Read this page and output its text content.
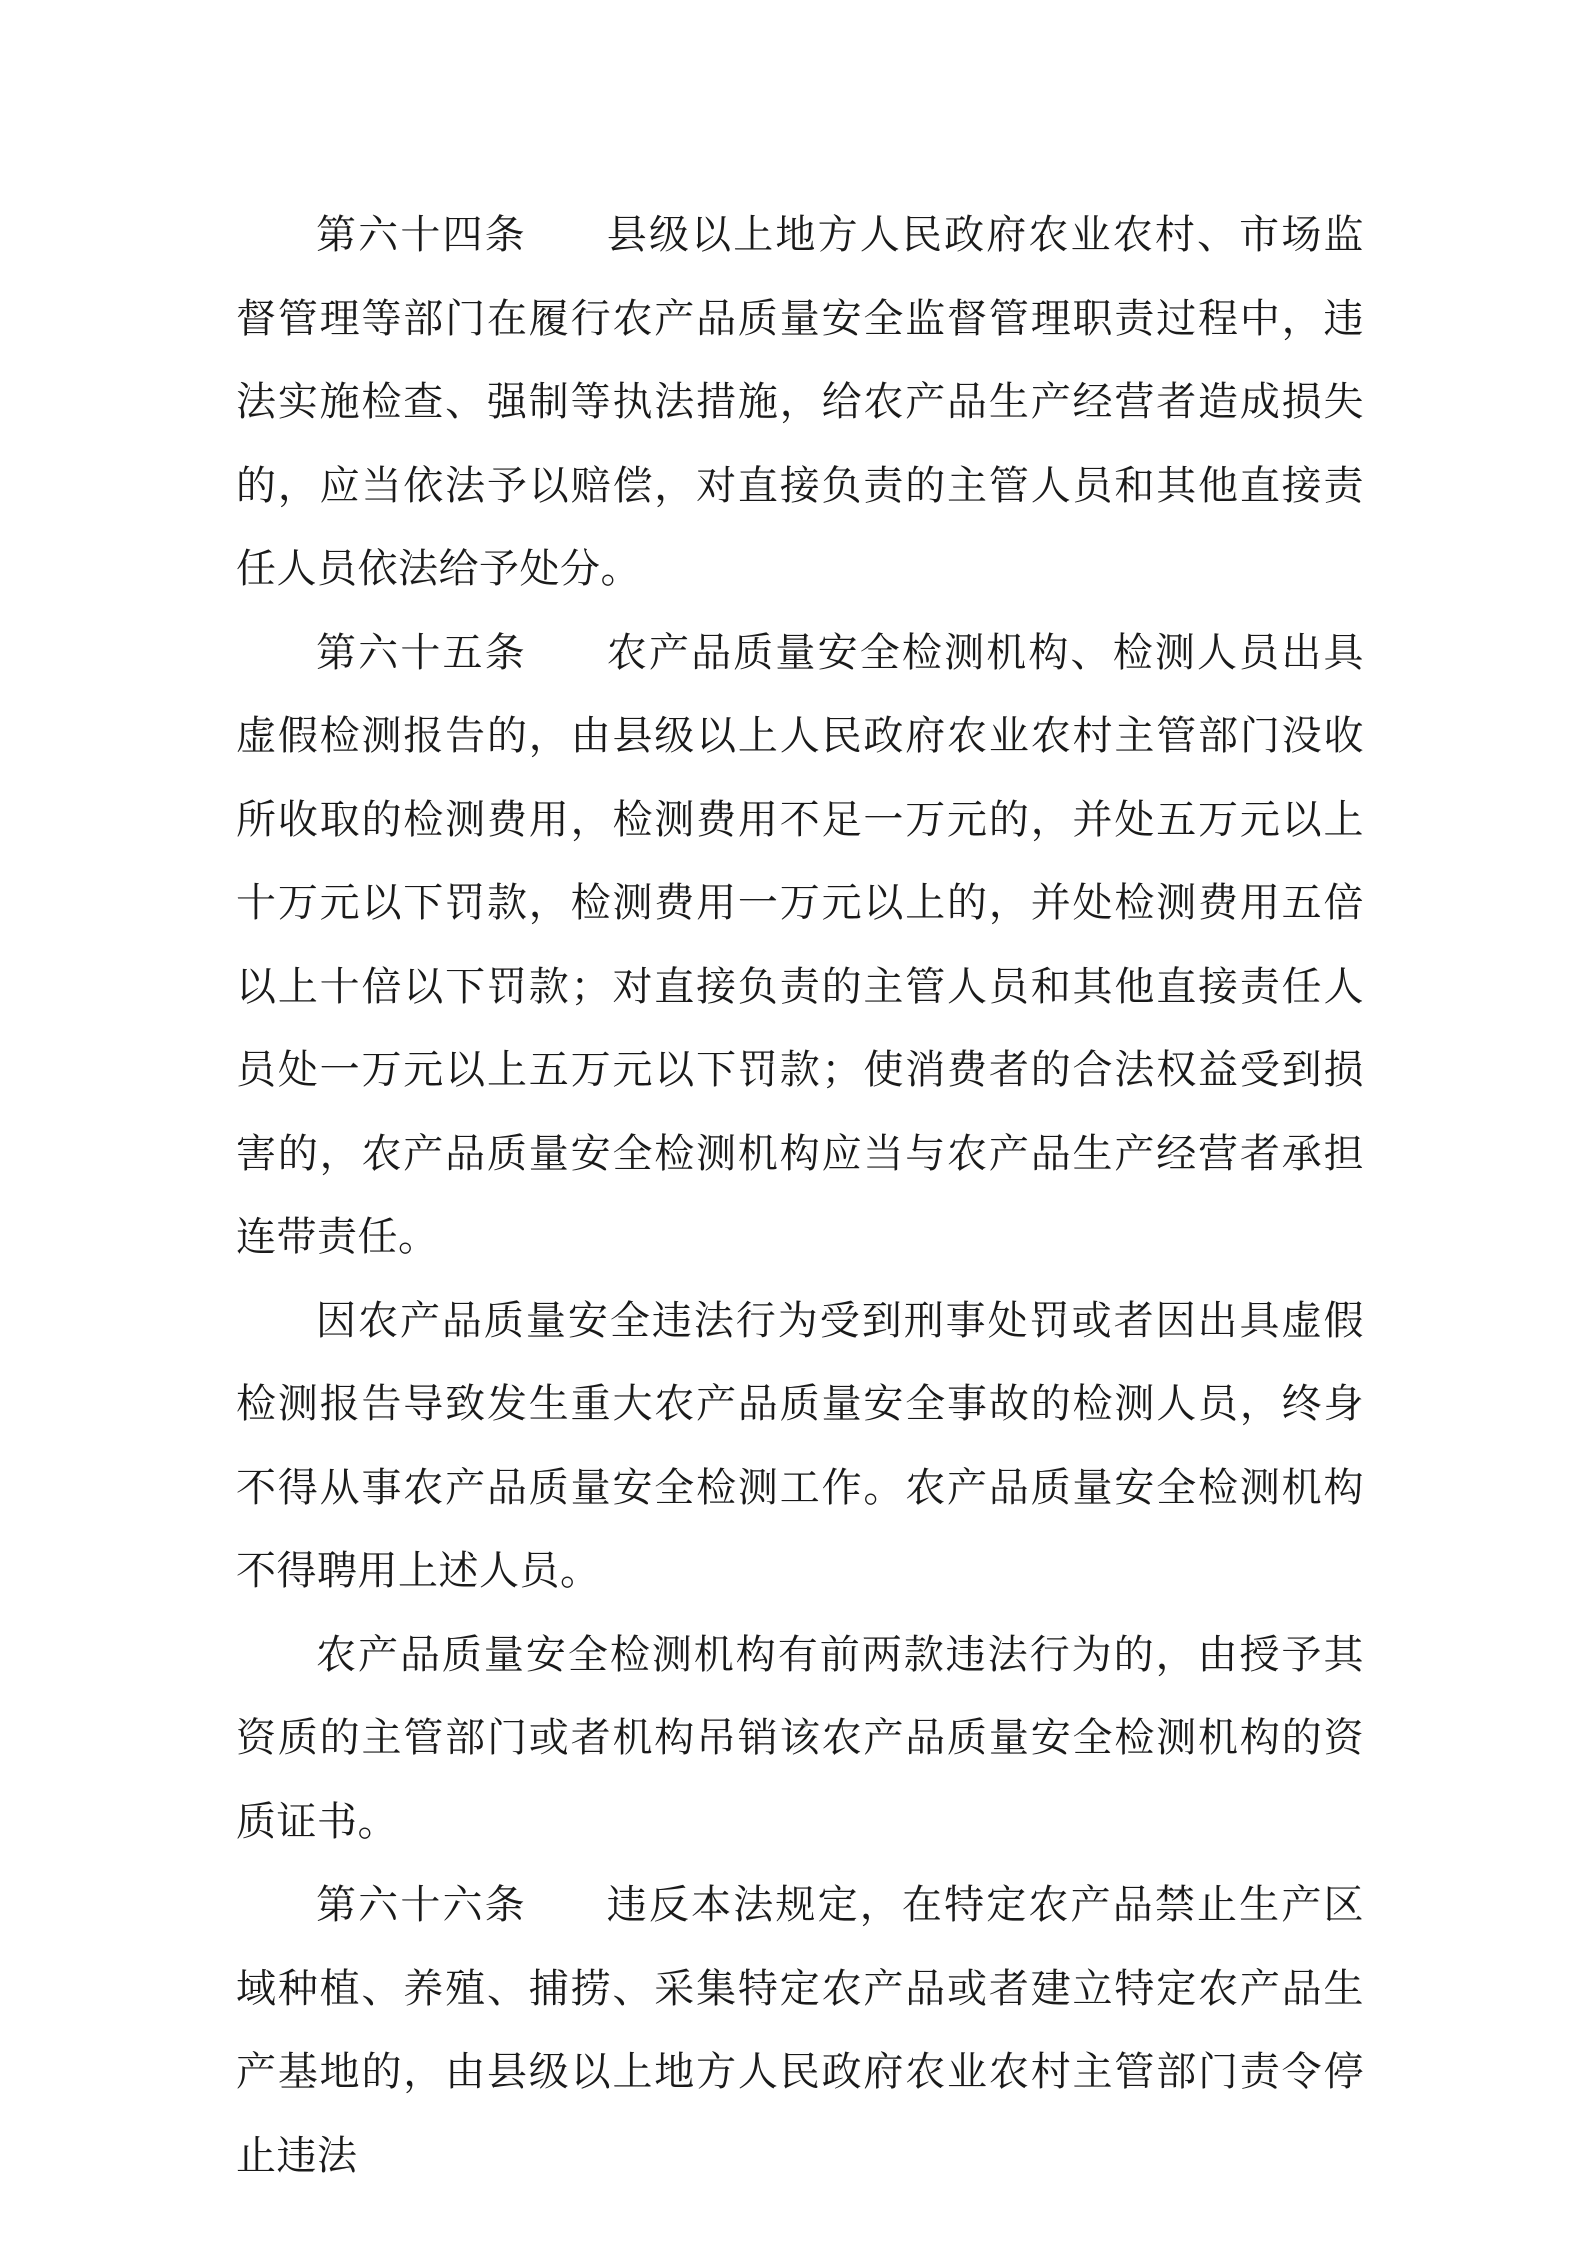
第六十四条 县级以上地方人民政府农业农村、市场监督管理等部门在履行农产品质量安全监督管理职责过程中，违法实施检查、强制等执法措施，给农产品生产经营者造成损失的，应当依法予以赔偿，对直接负责的主管人员和其他直接责任人员依法给予处分。

第六十五条 农产品质量安全检测机构、检测人员出具虚假检测报告的，由县级以上人民政府农业农村主管部门没收所收取的检测费用，检测费用不足一万元的，并处五万元以上十万元以下罚款，检测费用一万元以上的，并处检测费用五倍以上十倍以下罚款；对直接负责的主管人员和其他直接责任人员处一万元以上五万元以下罚款；使消费者的合法权益受到损害的，农产品质量安全检测机构应当与农产品生产经营者承担连带责任。

因农产品质量安全违法行为受到刑事处罚或者因出具虚假检测报告导致发生重大农产品质量安全事故的检测人员，终身不得从事农产品质量安全检测工作。农产品质量安全检测机构不得聘用上述人员。

农产品质量安全检测机构有前两款违法行为的，由授予其资质的主管部门或者机构吊销该农产品质量安全检测机构的资质证书。

第六十六条 违反本法规定，在特定农产品禁止生产区域种植、养殖、捕捞、采集特定农产品或者建立特定农产品生产基地的，由县级以上地方人民政府农业农村主管部门责令停止违法
